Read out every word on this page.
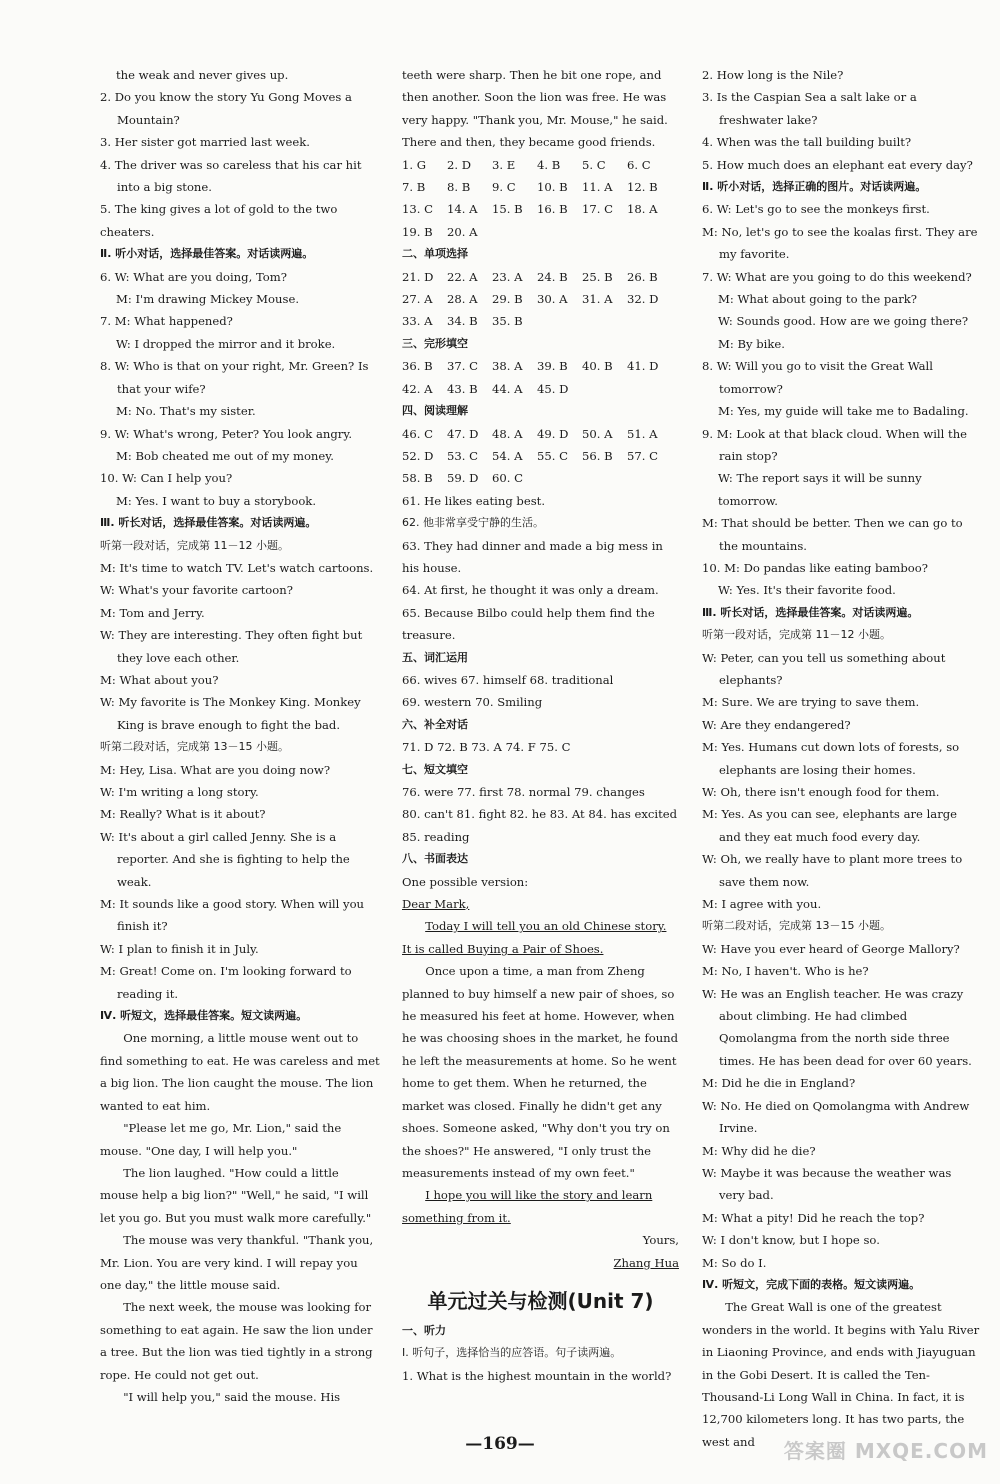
the weak and never gives up.
2. Do you know the story Yu Gong Moves a Mountain?
3. Her sister got married last week.
4. The driver was so careless that his car hit into a big stone.
5. The king gives a lot of gold to the two cheaters.
Ⅱ. 听小对话，选择最佳答案。对话读两遍。
6. W: What are you doing, Tom?
M: I'm drawing Mickey Mouse.
7. M: What happened?
W: I dropped the mirror and it broke.
8. W: Who is that on your right, Mr. Green? Is that your wife?
M: No. That's my sister.
9. W: What's wrong, Peter? You look angry.
M: Bob cheated me out of my money.
10. W: Can I help you?
M: Yes. I want to buy a storybook.
Ⅲ. 听长对话，选择最佳答案。对话读两遍。
听第一段对话，完成第 11－12 小题。
M: It's time to watch TV. Let's watch cartoons.
W: What's your favorite cartoon?
M: Tom and Jerry.
W: They are interesting. They often fight but they love each other.
M: What about you?
W: My favorite is The Monkey King. Monkey King is brave enough to fight the bad.
听第二段对话，完成第 13－15 小题。
M: Hey, Lisa. What are you doing now?
W: I'm writing a long story.
M: Really? What is it about?
W: It's about a girl called Jenny. She is a reporter. And she is fighting to help the weak.
M: It sounds like a good story. When will you finish it?
W: I plan to finish it in July.
M: Great! Come on. I'm looking forward to reading it.
Ⅳ. 听短文，选择最佳答案。短文读两遍。
One morning, a little mouse went out to find something to eat. He was careless and met a big lion. The lion caught the mouse. The lion wanted to eat him.
"Please let me go, Mr. Lion," said the mouse. "One day, I will help you."
The lion laughed. "How could a little mouse help a big lion?" "Well," he said, "I will let you go. But you must walk more carefully."
The mouse was very thankful. "Thank you, Mr. Lion. You are very kind. I will repay you one day," the little mouse said.
The next week, the mouse was looking for something to eat again. He saw the lion under a tree. But the lion was tied tightly in a strong rope. He could not get out.
"I will help you," said the mouse. His
teeth were sharp. Then he bit one rope, and then another. Soon the lion was free. He was very happy. "Thank you, Mr. Mouse," he said. There and then, they became good friends.
1. G	2. D	3. E	4. B	5. C	6. C
7. B	8. B	9. C	10. B	11. A	12. B
13. C	14. A	15. B	16. B	17. C	18. A
19. B	20. A
二、单项选择
21. D	22. A	23. A	24. B	25. B	26. B
27. A	28. A	29. B	30. A	31. A	32. D
33. A	34. B	35. B
三、完形填空
36. B	37. C	38. A	39. B	40. B	41. D
42. A	43. B	44. A	45. D
四、阅读理解
46. C	47. D	48. A	49. D	50. A	51. A
52. D	53. C	54. A	55. C	56. B	57. C
58. B	59. D	60. C
61. He likes eating best.
62. 他非常享受宁静的生活。
63. They had dinner and made a big mess in his house.
64. At first, he thought it was only a dream.
65. Because Bilbo could help them find the treasure.
五、词汇运用
66. wives 67. himself 68. traditional
69. western 70. Smiling
六、补全对话
71. D 72. B 73. A 74. F 75. C
七、短文填空
76. were 77. first 78. normal 79. changes
80. can't 81. fight 82. he 83. At 84. has excited 85. reading
八、书面表达
One possible version:
Dear Mark,
Today I will tell you an old Chinese story. It is called Buying a Pair of Shoes.
Once upon a time, a man from Zheng planned to buy himself a new pair of shoes, so he measured his feet at home. However, when he was choosing shoes in the market, he found he left the measurements at home. So he went home to get them. When he returned, the market was closed. Finally he didn't get any shoes. Someone asked, "Why don't you try on the shoes?" He answered, "I only trust the measurements instead of my own feet."
I hope you will like the story and learn something from it.
Yours,
Zhang Hua
单元过关与检测(Unit 7)
一、听力
Ⅰ. 听句子，选择恰当的应答语。句子读两遍。
1. What is the highest mountain in the world?
2. How long is the Nile?
3. Is the Caspian Sea a salt lake or a freshwater lake?
4. When was the tall building built?
5. How much does an elephant eat every day?
Ⅱ. 听小对话，选择正确的图片。对话读两遍。
6. W: Let's go to see the monkeys first.
M: No, let's go to see the koalas first. They are my favorite.
7. W: What are you going to do this weekend?
M: What about going to the park?
W: Sounds good. How are we going there?
M: By bike.
8. W: Will you go to visit the Great Wall tomorrow?
M: Yes, my guide will take me to Badaling.
9. M: Look at that black cloud. When will the rain stop?
W: The report says it will be sunny tomorrow.
M: That should be better. Then we can go to the mountains.
10. M: Do pandas like eating bamboo?
W: Yes. It's their favorite food.
Ⅲ. 听长对话，选择最佳答案。对话读两遍。
听第一段对话，完成第 11－12 小题。
W: Peter, can you tell us something about elephants?
M: Sure. We are trying to save them.
W: Are they endangered?
M: Yes. Humans cut down lots of forests, so elephants are losing their homes.
W: Oh, there isn't enough food for them.
M: Yes. As you can see, elephants are large and they eat much food every day.
W: Oh, we really have to plant more trees to save them now.
M: I agree with you.
听第二段对话，完成第 13－15 小题。
W: Have you ever heard of George Mallory?
M: No, I haven't. Who is he?
W: He was an English teacher. He was crazy about climbing. He had climbed Qomolangma from the north side three times. He has been dead for over 60 years.
M: Did he die in England?
W: No. He died on Qomolangma with Andrew Irvine.
M: Why did he die?
W: Maybe it was because the weather was very bad.
M: What a pity! Did he reach the top?
W: I don't know, but I hope so.
M: So do I.
Ⅳ. 听短文，完成下面的表格。短文读两遍。
The Great Wall is one of the greatest wonders in the world. It begins with Yalu River in Liaoning Province, and ends with Jiayuguan in the Gobi Desert. It is called the Ten-Thousand-Li Long Wall in China. In fact, it is 12,700 kilometers long. It has two parts, the west and
—169—	答案圈 MXQE.COM
